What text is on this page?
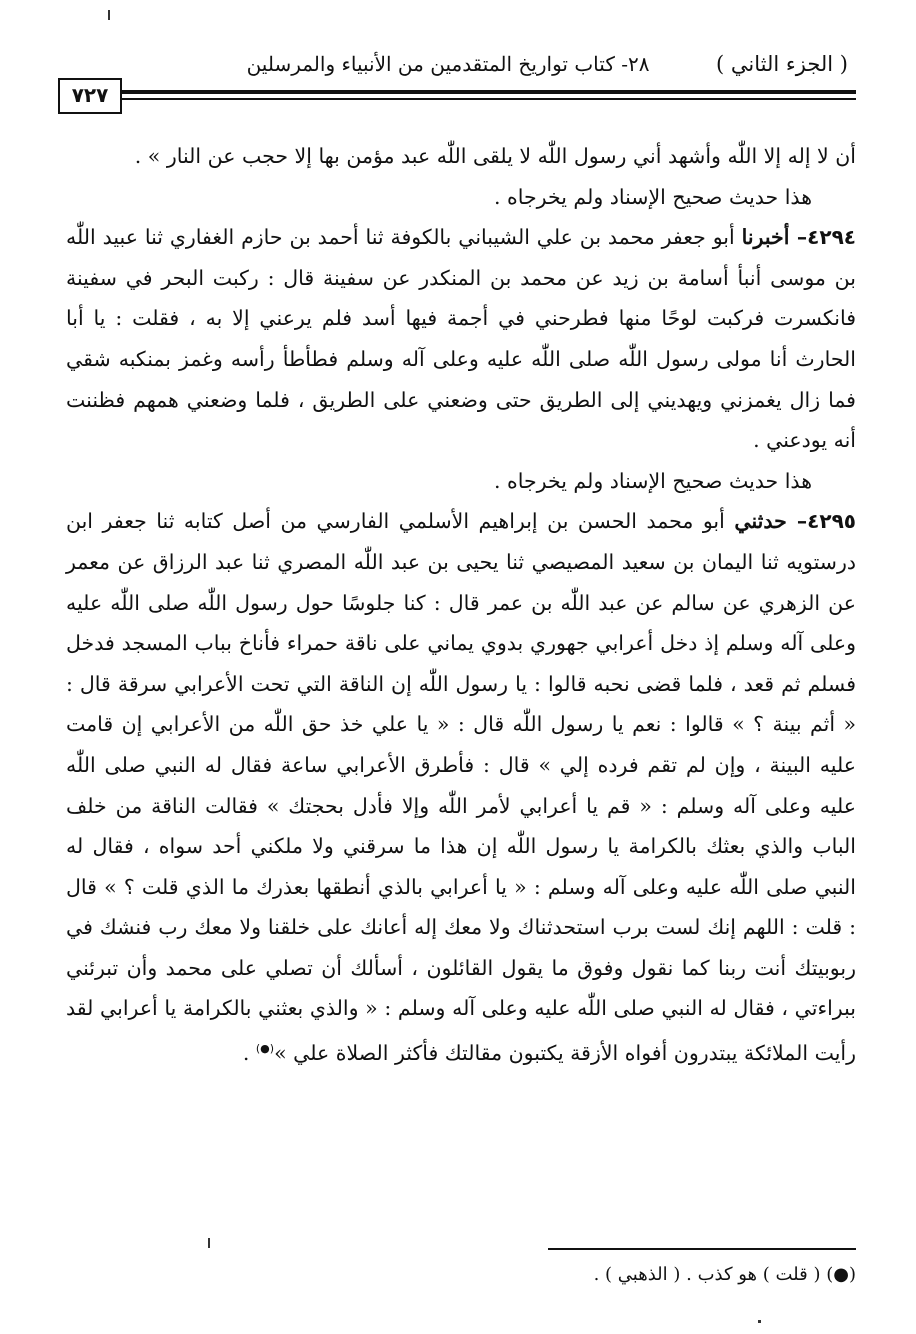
( الجزء الثاني )
٢٨- كتاب تواريخ المتقدمين من الأنبياء والمرسلين
٧٢٧

أن لا إله إلا اللّٰه وأشهد أني رسول اللّٰه لا يلقى اللّٰه عبد مؤمن بها إلا حجب عن النار » .

هذا حديث صحيح الإسناد ولم يخرجاه .

٤٢٩٤– أخبرنا أبو جعفر محمد بن علي الشيباني بالكوفة ثنا أحمد بن حازم الغفاري ثنا عبيد اللّٰه بن موسى أنبأ أسامة بن زيد عن محمد بن المنكدر عن سفينة قال : ركبت البحر في سفينة فانكسرت فركبت لوحًا منها فطرحني في أجمة فيها أسد فلم يرعني إلا به ، فقلت : يا أبا الحارث أنا مولى رسول اللّٰه صلى اللّٰه عليه وعلى آله وسلم فطأطأ رأسه وغمز بمنكبه شقي فما زال يغمزني ويهديني إلى الطريق حتى وضعني على الطريق ، فلما وضعني همهم فظننت أنه يودعني .

هذا حديث صحيح الإسناد ولم يخرجاه .

٤٢٩٥– حدثني أبو محمد الحسن بن إبراهيم الأسلمي الفارسي من أصل كتابه ثنا جعفر ابن درستويه ثنا اليمان بن سعيد المصيصي ثنا يحيى بن عبد اللّٰه المصري ثنا عبد الرزاق عن معمر عن الزهري عن سالم عن عبد اللّٰه بن عمر قال : كنا جلوسًا حول رسول اللّٰه صلى اللّٰه عليه وعلى آله وسلم إذ دخل أعرابي جهوري بدوي يماني على ناقة حمراء فأناخ بباب المسجد فدخل فسلم ثم قعد ، فلما قضى نحبه قالوا : يا رسول اللّٰه إن الناقة التي تحت الأعرابي سرقة قال : « أثم بينة ؟ » قالوا : نعم يا رسول اللّٰه قال : « يا علي خذ حق اللّٰه من الأعرابي إن قامت عليه البينة ، وإن لم تقم فرده إلي » قال : فأطرق الأعرابي ساعة فقال له النبي صلى اللّٰه عليه وعلى آله وسلم : « قم يا أعرابي لأمر اللّٰه وإلا فأدل بحجتك » فقالت الناقة من خلف الباب والذي بعثك بالكرامة يا رسول اللّٰه إن هذا ما سرقني ولا ملكني أحد سواه ، فقال له النبي صلى اللّٰه عليه وعلى آله وسلم : « يا أعرابي بالذي أنطقها بعذرك ما الذي قلت ؟ » قال : قلت : اللهم إنك لست برب استحدثناك ولا معك إله أعانك على خلقنا ولا معك رب فنشك في ربوبيتك أنت ربنا كما نقول وفوق ما يقول القائلون ، أسألك أن تصلي على محمد وأن تبرئني ببراءتي ، فقال له النبي صلى اللّٰه عليه وعلى آله وسلم : « والذي بعثني بالكرامة يا أعرابي لقد رأيت الملائكة يبتدرون أفواه الأزقة يكتبون مقالتك فأكثر الصلاة علي »(●) .

(●) ( قلت ) هو كذب . ( الذهبي ) .
